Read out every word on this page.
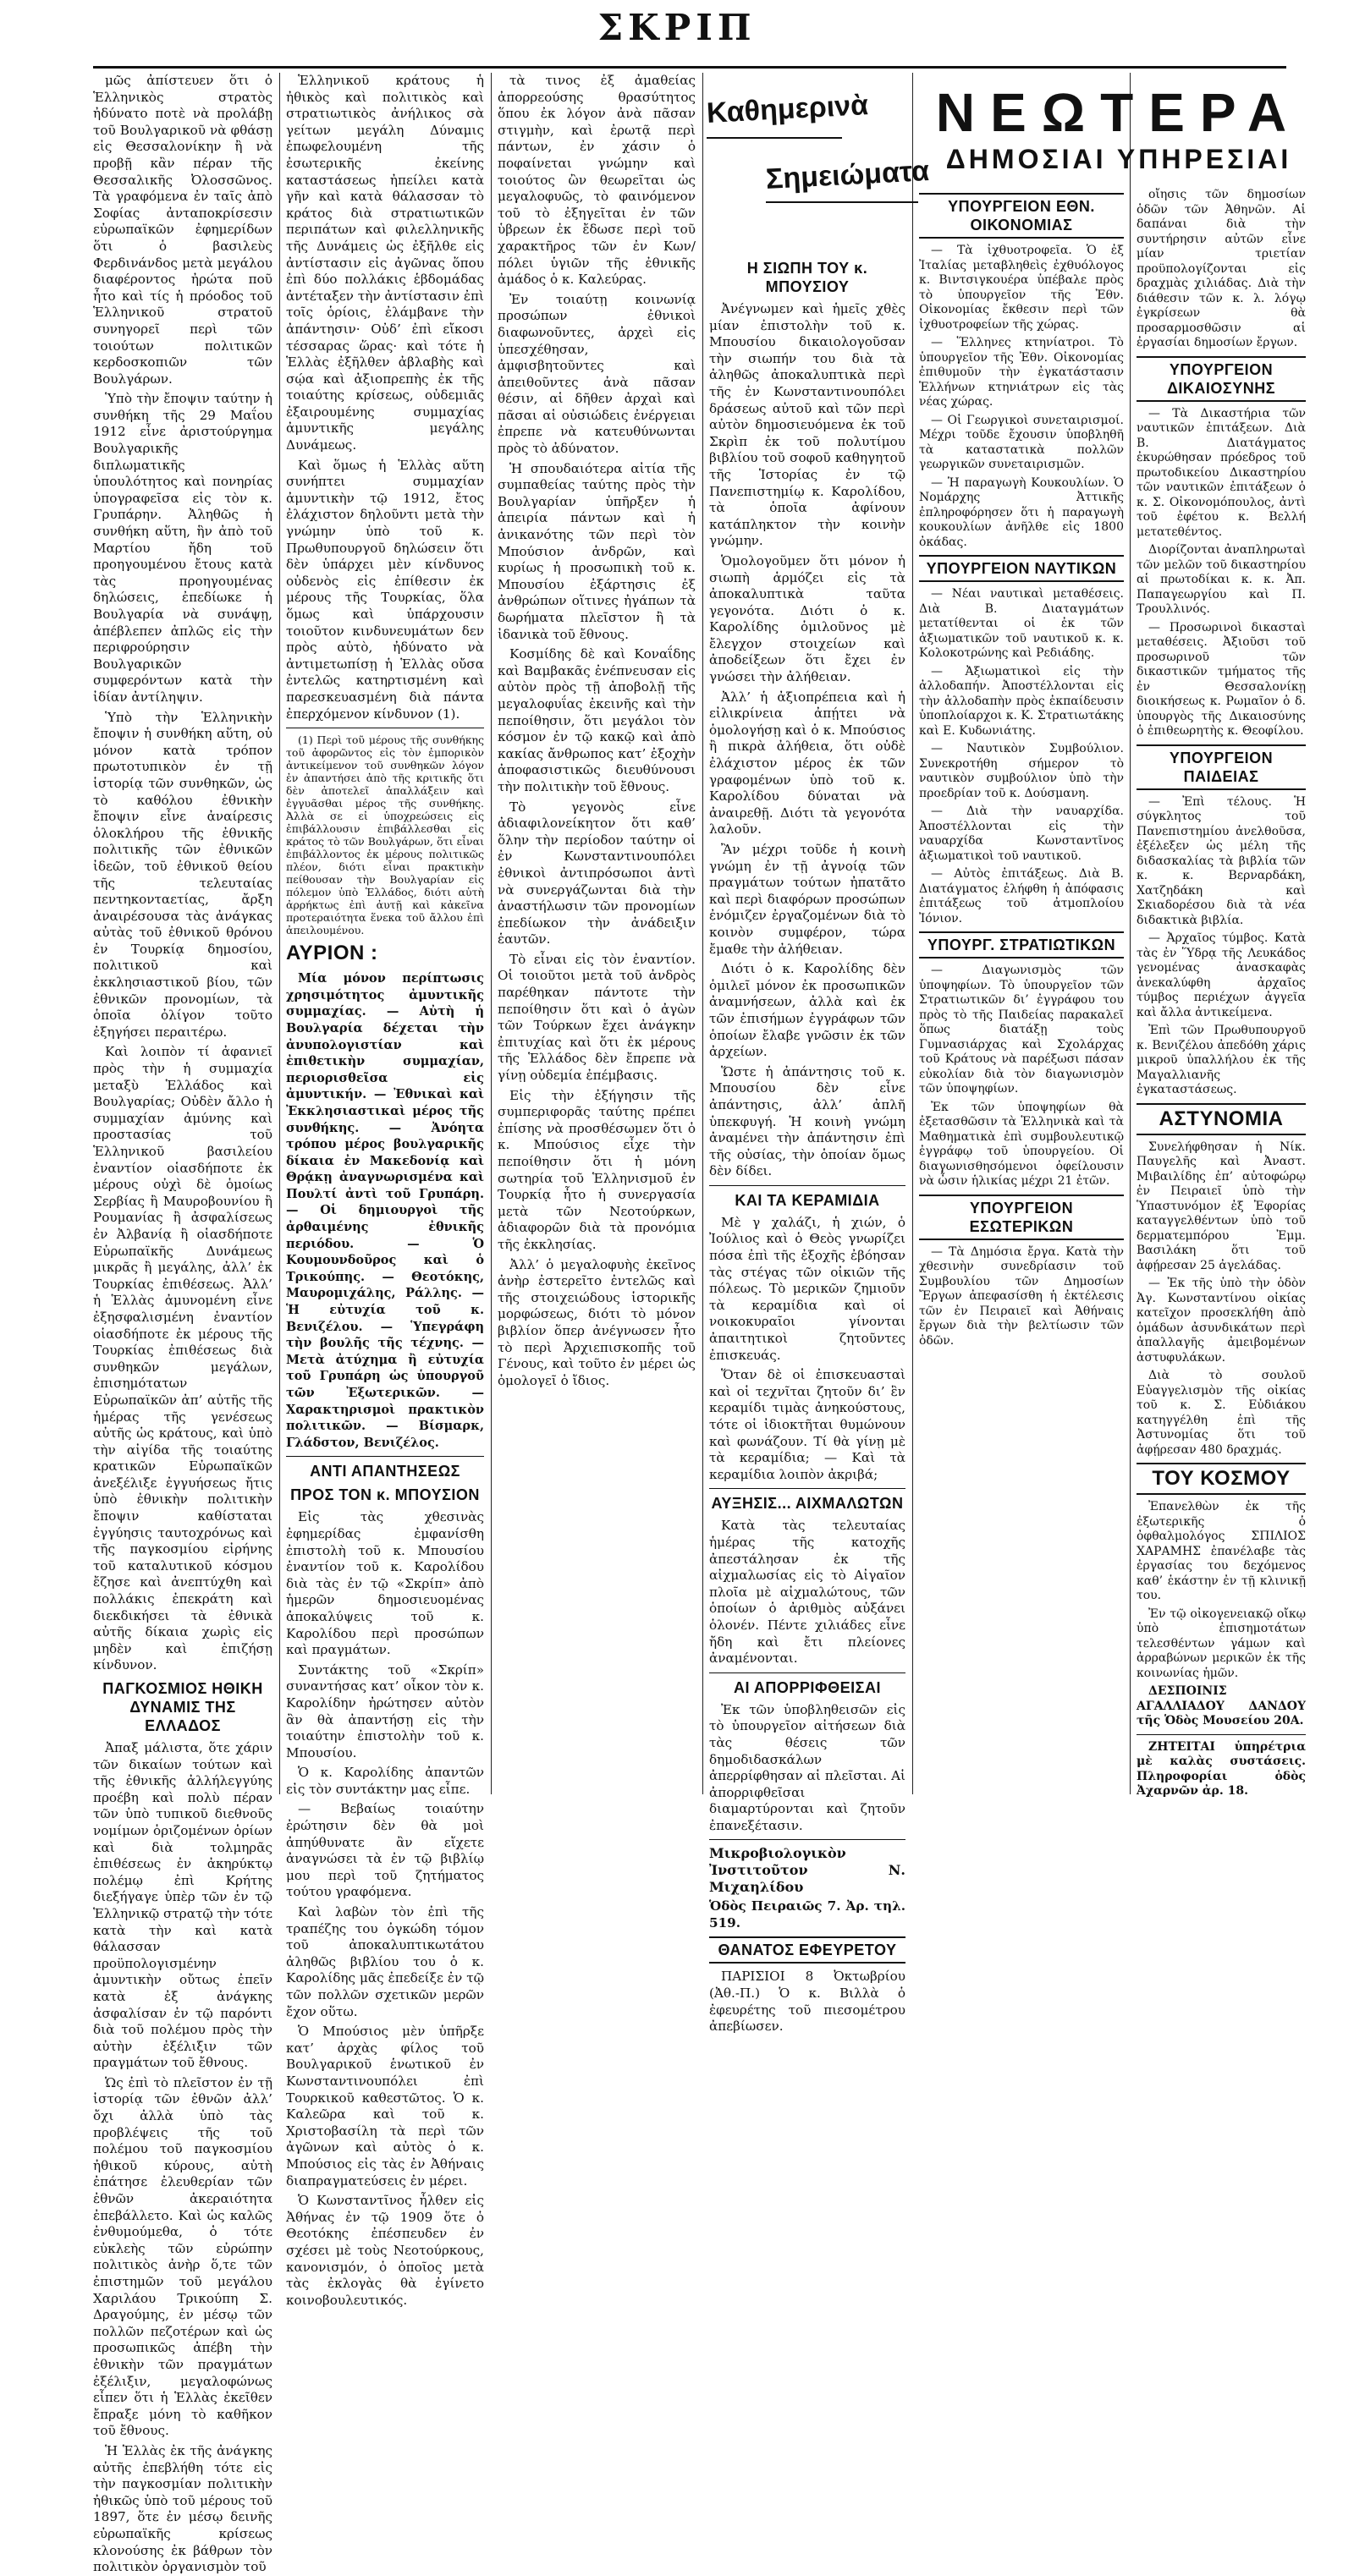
ΣΚΡΙΠ

μῶς ἀπίστευεν ὅτι ὁ Ἑλληνικὸς στρατὸς ἠδύνατο ποτὲ νὰ προλάβῃ τοῦ Βουλγαρικοῦ νὰ φθάσῃ εἰς Θεσσαλονίκην ἢ νὰ προβῇ κἂν πέραν τῆς Θεσσαλικῆς Ὀλοσσῶνος. Τὰ γραφόμενα ἐν ταῖς ἀπὸ Σοφίας ἀνταποκρίσεσιν εὐρωπαϊκῶν ἐφημερίδων ὅτι ὁ βασιλεὺς Φερδινάνδος μετὰ μεγάλου διαφέροντος ἠρώτα ποῦ ἦτο καὶ τίς ἡ πρόοδος τοῦ Ἑλληνικοῦ στρατοῦ συνηγορεῖ περὶ τῶν τοιούτων πολιτικῶν κερδοσκοπιῶν τῶν Βουλγάρων.

Ὑπὸ τὴν ἔποψιν ταύτην ἡ συνθήκη τῆς 29 Μαΐου 1912 εἶνε ἀριστούργημα Βουλγαρικῆς διπλωματικῆς ὑπουλότητος καὶ πονηρίας ὑπογραφεῖσα εἰς τὸν κ. Γρυπάρην. Ἀληθῶς ἡ συνθήκη αὕτη, ἣν ἀπὸ τοῦ Μαρτίου ἤδη τοῦ προηγουμένου ἔτους κατὰ τὰς προηγουμένας δηλώσεις, ἐπεδίωκε ἡ Βουλγαρία νὰ συνάψῃ, ἀπέβλεπεν ἀπλῶς εἰς τὴν περιφρούρησιν Βουλγαρικῶν συμφερόντων κατὰ τὴν ἰδίαν ἀντίληψιν.

Ὑπὸ τὴν Ἑλληνικὴν ἔποψιν ἡ συνθήκη αὕτη, οὐ μόνον κατὰ τρόπον πρωτοτυπικὸν ἐν τῇ ἱστορίᾳ τῶν συνθηκῶν, ὡς τὸ καθόλου ἐθνικὴν ἔποψιν εἶνε ἀναίρεσις ὁλοκλήρου τῆς ἐθνικῆς πολιτικῆς τῶν ἐθνικῶν ἰδεῶν, τοῦ ἐθνικοῦ θείου τῆς τελευταίας πεντηκονταετίας, ἄρξη ἀναιρέσουσα τὰς ἀνάγκας αὐτὰς τοῦ ἐθνικοῦ θρόνου ἐν Τουρκίᾳ δημοσίου, πολιτικοῦ καὶ ἐκκλησιαστικοῦ βίου, τῶν ἐθνικῶν προνομίων, τὰ ὁποῖα ὀλίγον τοῦτο ἐξηγήσει περαιτέρω.

Καὶ λοιπὸν τί ἀφανιεῖ πρὸς τὴν ἡ συμμαχία μεταξὺ Ἑλλάδος καὶ Βουλγαρίας; Οὐδὲν ἄλλο ἡ συμμαχίαν ἀμύνης καὶ προστασίας τοῦ Ἑλληνικοῦ βασιλείου ἐναντίον οἱασδήποτε ἐκ μέρους οὐχὶ δὲ ὁμοίως Σερβίας ἢ Μαυροβουνίου ἢ Ρουμανίας ἢ ἀσφαλίσεως ἐν Ἀλβανίᾳ ἢ οἱασδήποτε Εὐρωπαϊκῆς Δυνάμεως μικρᾶς ἢ μεγάλης, ἀλλ’ ἐκ Τουρκίας ἐπιθέσεως. Ἀλλ’ ἡ Ἑλλὰς ἀμυνομένη εἶνε ἐξησφαλισμένη ἐναντίον οἱασδήποτε ἐκ μέρους τῆς Τουρκίας ἐπιθέσεως διὰ συνθηκῶν μεγάλων, ἐπισημότατων Εὐρωπαϊκῶν ἀπ’ αὐτῆς τῆς ἡμέρας τῆς γενέσεως αὐτῆς ὡς κράτους, καὶ ὑπὸ τὴν αἰγίδα τῆς τοιαύτης κρατικῶν Εὐρωπαϊκῶν ἀνεξέλιξε ἐγγυήσεως ἤτις ὑπὸ ἐθνικὴν πολιτικὴν ἔποψιν καθίσταται ἐγγύησις ταυτοχρόνως καὶ τῆς παγκοσμίου εἰρήνης τοῦ καταλυτικοῦ κόσμου ἔζησε καὶ ἀνεπτύχθη καὶ πολλάκις ἐπεκράτη καὶ διεκδικήσει τὰ ἐθνικὰ αὐτῆς δίκαια χωρὶς εἰς μηδὲν καὶ ἐπιζήσῃ κίνδυνον.

ΠΑΓΚΟΣΜΙΟΣ ΗΘΙΚΗ ΔΥΝΑΜΙΣ ΤΗΣ ΕΛΛΑΔΟΣ

Ἀπαξ μάλιστα, ὅτε χάριν τῶν δικαίων τούτων καὶ τῆς ἐθνικῆς ἀλλήλεγγύης προέβη καὶ πολὺ πέραν τῶν ὑπὸ τυπικοῦ διεθνοῦς νομίμων ὁριζομένων ὁρίων καὶ διὰ τολμηρᾶς ἐπιθέσεως ἐν ἀκηρύκτῳ πολέμῳ ἐπὶ Κρήτης διεξήγαγε ὑπὲρ τῶν ἐν τῷ Ἑλληνικῷ στρατῷ τὴν τότε κατὰ τὴν καὶ κατὰ θάλασσαν προϋπολογισμένην ἀμυντικὴν οὔτως ἐπεῖν κατὰ ἐξ ἀνάγκης ἀσφαλίσαν ἐν τῷ παρόντι διὰ τοῦ πολέμου πρὸς τὴν αὐτὴν ἐξέλιξιν τῶν πραγμάτων τοῦ ἔθνους.

Ὡς ἐπὶ τὸ πλεῖστον ἐν τῇ ἱστορίᾳ τῶν ἐθνῶν ἀλλ’ ὄχι ἀλλὰ ὑπὸ τὰς προβλέψεις τῆς τοῦ πολέμου τοῦ παγκοσμίου ἠθικοῦ κύρους, αὐτὴ ἐπάτησε ἐλευθερίαν τῶν ἐθνῶν ἀκεραιότητα ἐπεβάλλετο. Καὶ ὡς καλῶς ἐνθυμούμεθα, ὁ τότε εὐκλεὴς τῶν εὐρώπην πολιτικὸς ἀνὴρ ὅ,τε τῶν ἐπιστημῶν τοῦ μεγάλου Χαριλάου Τρικούπη Σ. Δραγούμης, ἐν μέσῳ τῶν πολλῶν πεζοτέρων καὶ ὡς προσωπικῶς ἀπέβη τὴν ἐθνικὴν τῶν πραγμάτων ἐξέλιξιν, μεγαλοφώνως εἶπεν ὅτι ἡ Ἑλλὰς ἐκεῖθεν ἔπραξε μόνη τὸ καθῆκον τοῦ ἔθνους.

Ἡ Ἑλλὰς ἐκ τῆς ἀνάγκης αὐτῆς ἐπεβλήθη τότε εἰς τὴν παγκοσμίαν πολιτικὴν ἠθικῶς ὑπὸ τοῦ μέρους τοῦ 1897, ὅτε ἐν μέσῳ δεινῆς εὐρωπαϊκῆς κρίσεως κλονούσης ἐκ βάθρων τὸν πολιτικὸν ὀργανισμὸν τοῦ

Ἑλληνικοῦ κράτους ἡ ἠθικὸς καὶ πολιτικὸς καὶ στρατιωτικὸς ἀνήλικος σὰ γείτων μεγάλη Δύναμις ἐπωφελουμένη τῆς ἐσωτερικῆς ἐκείνης καταστάσεως ἠπείλει κατὰ γῆν καὶ κατὰ θάλασσαν τὸ κράτος διὰ στρατιωτικῶν περιπάτων καὶ φιλελληνικῆς τῆς Δυνάμεις ὡς ἐξῆλθε εἰς ἀντίστασιν εἰς ἀγῶνας ὅπου ἐπὶ δύο πολλάκις ἑβδομάδας ἀντέταξεν τὴν ἀντίστασιν ἐπὶ τοῖς ὁρίοις, ἐλάμβανε τὴν ἀπάντησιν· Οὐδ’ ἐπὶ εἴκοσι τέσσαρας ὥρας· καὶ τότε ἡ Ἑλλὰς ἐξῆλθεν ἀβλαβὴς καὶ σῴα καὶ ἀξιοπρεπὴς ἐκ τῆς τοιαύτης κρίσεως, οὐδεμιᾶς ἐξαιρουμένης συμμαχίας ἀμυντικῆς μεγάλης Δυνάμεως.

Καὶ ὅμως ἡ Ἑλλὰς αὕτη συνήπτει συμμαχίαν ἀμυντικὴν τῷ 1912, ἔτος ἐλάχιστον δηλοῦντι μετὰ τὴν γνώμην ὑπὸ τοῦ κ. Πρωθυπουργοῦ δηλώσειν ὅτι δὲν ὑπάρχει μὲν κίνδυνος οὐδενὸς εἰς ἐπίθεσιν ἐκ μέρους τῆς Τουρκίας, ὅλα ὅμως καὶ ὑπάρχουσιν τοιοῦτον κινδυνευμάτων δεν πρὸς αὐτὸ, ἠδύνατο νὰ ἀντιμετωπίσῃ ἡ Ἑλλὰς οὔσα ἐντελῶς κατηρτισμένη καὶ παρεσκευασμένη διὰ πάντα ἐπερχόμενον κίνδυνον (1).

(1) Περὶ τοῦ μέρους τῆς συνθήκης τοῦ ἀφορῶντος εἰς τὸν ἐμπορικὸν ἀντικείμενον τοῦ συνθηκῶν λόγον ἐν ἀπαντήσει ἀπὸ τῆς κριτικῆς ὅτι δὲν ἀποτελεῖ ἀπαλλάξειν καὶ ἐγγυᾶσθαι μέρος τῆς συνθήκης. Ἀλλὰ σε εἰ ὑποχρεώσεις εἰς ἐπιβάλλουσιν ἐπιβάλλεσθαι εἰς κράτος τὸ τῶν Βουλγάρων, ὅτι εἶναι ἐπιβάλλοντος ἐκ μέρους πολιτικῶς πλέον, διότι εἶναι πρακτικὴν πείθουσαν τὴν Βουλγαρίαν εἰς πόλεμον ὑπὸ Ἑλλάδος, διότι αὐτὴ ἀρρήκτως ἐπὶ ἀυτῇ καὶ κἀκεῖνα προτεραιότητα ἕνεκα τοῦ ἄλλου ἐπὶ ἀπειλουμένου.

ΑΥΡΙΟΝ :

Μία μόνον περίπτωσις χρησιμότητος ἀμυντικῆς συμμαχίας. — Αὐτὴ ἡ Βουλγαρία δέχεται τὴν ἀνυπολογιστίαν καὶ ἐπιθετικὴν συμμαχίαν, περιορισθεῖσα εἰς ἀμυντικήν. — Ἐθνικαὶ καὶ Ἐκκλησιαστικαὶ μέρος τῆς συνθήκης. — Ἀνόητα τρόπου μέρος βουλγαρικῆς δίκαια ἐν Μακεδονίᾳ καὶ Θρᾴκῃ ἀναγνωρισμένα καὶ Πουλτί ἀντὶ τοῦ Γρυπάρη. — Οἱ δημιουργοὶ τῆς ἀρθαιμένης ἐθνικῆς περιόδου. — Ὁ Κουμουνδοῦρος καὶ ὁ Τρικούπης. — Θεοτόκης, Μαυρομιχάλης, Ράλλης. — Ἡ εὐτυχία τοῦ κ. Βενιζέλου. — Ὑπεγράφη τὴν βουλῆς τῆς τέχνης. — Μετὰ ἀτύχημα ἢ εὐτυχία τοῦ Γρυπάρη ὡς ὑπουργοῦ τῶν Ἐξωτερικῶν. — Χαρακτηρισμοὶ πρακτικὸν πολιτικῶν. — Βίσμαρκ, Γλάδστον, Βενιζέλος.

ΑΝΤΙ ΑΠΑΝΤΗΣΕΩΣ
ΠΡΟΣ ΤΟΝ κ. ΜΠΟΥΣΙΟΝ

Εἰς τὰς χθεσινὰς ἐφημερίδας ἐμφανίσθη ἐπιστολὴ τοῦ κ. Μπουσίου ἐναντίον τοῦ κ. Καρολίδου διὰ τὰς ἐν τῷ «Σκρίπ» ἀπὸ ἡμερῶν δημοσιευομένας ἀποκαλύψεις τοῦ κ. Καρολίδου περὶ προσώπων καὶ πραγμάτων.

Συντάκτης τοῦ «Σκρίπ» συναντήσας κατ’ οἶκον τὸν κ. Καρολίδην ἠρώτησεν αὐτὸν ἂν θὰ ἀπαντήσῃ εἰς τὴν τοιαύτην ἐπιστολὴν τοῦ κ. Μπουσίου.

Ὁ κ. Καρολίδης ἀπαντῶν εἰς τὸν συντάκτην μας εἶπε.

— Βεβαίως τοιαύτην ἐρώτησιν δὲν θὰ μοὶ ἀπηύθυνατε ἂν εἴχετε ἀναγνώσει τὰ ἐν τῷ βιβλίῳ μου περὶ τοῦ ζητήματος τούτου γραφόμενα.

Καὶ λαβὼν τὸν ἐπὶ τῆς τραπέζης του ὀγκώδη τόμον τοῦ ἀποκαλυπτικωτάτου ἀληθῶς βιβλίου του ὁ κ. Καρολίδης μᾶς ἐπεδείξε ἐν τῷ τῶν πολλῶν σχετικῶν μερῶν ἔχον οὕτω.

Ὁ Μπούσιος μὲν ὑπῆρξε κατ’ ἀρχὰς φίλος τοῦ Βουλγαρικοῦ ἑνωτικοῦ ἐν Κωνσταντινουπόλει ἐπὶ Τουρκικοῦ καθεστῶτος. Ὁ κ. Καλεῶρα καὶ τοῦ κ. Χριστοβασίλη τὰ περὶ τῶν ἀγῶνων καὶ αὐτὸς ὁ κ. Μπούσιος εἰς τὰς ἐν Ἀθήναις διαπραγματεύσεις ἐν μέρει.

Ὁ Κωνσταντῖνος ἦλθεν εἰς Ἀθήνας ἐν τῷ 1909 ὅτε ὁ Θεοτόκης ἐπέσπευδεν ἐν σχέσει μὲ τοὺς Νεοτούρκους, κανονισμόν, ὁ ὁποῖος μετὰ τὰς ἐκλογὰς θὰ ἐγίνετο κοινοβουλευτικός.

τὰ τινος ἐξ ἀμαθείας ἀπορρεούσης θρασύτητος ὅπου ἐκ λόγον ἀνὰ πᾶσαν στιγμὴν, καὶ ἐρωτᾷ περὶ πάντων, ἐν χάσιν ὁ ποφαίνεται γνώμην καὶ τοιούτος ὢν θεωρεῖται ὡς μεγαλοφυῶς, τὸ φαινόμενον τοῦ τὸ ἐξηγεῖται ἐν τῶν ὑβρεων ἐκ ἔδωσε περὶ τοῦ χαρακτῆρος τῶν ἐν Κων/πόλει ὑγιῶν τῆς ἐθνικῆς ἀμάδος ὁ κ. Καλεύρας.

Ἐν τοιαύτῃ κοινωνίᾳ προσώπων ἐθνικοὶ διαφωνοῦντες, ἀρχεὶ εἰς ὑπεσχέθησαν, ἀμφισβητοῦντες καὶ ἀπειθοῦντες ἀνὰ πᾶσαν θέσιν, αἱ δῆθεν ἀρχαὶ καὶ πᾶσαι αἱ οὐσιώδεις ἐνέργειαι ἐπρεπε νὰ κατευθύνωνται πρὸς τὸ ἀδύνατον.

Ἡ σπουδαιότερα αἰτία τῆς συμπαθείας ταύτης πρὸς τὴν Βουλγαρίαν ὑπῆρξεν ἡ ἀπειρία πάντων καὶ ἡ ἀνικανότης τῶν περὶ τὸν Μπούσιον ἀνδρῶν, καὶ κυρίως ἡ προσωπικὴ τοῦ κ. Μπουσίου ἐξάρτησις ἐξ ἀνθρώπων οἵτινες ἠγάπων τὰ δωρήματα πλεῖστον ἢ τὰ ἰδανικὰ τοῦ ἔθνους.

Κοσμίδης δὲ καὶ Κοναΐδης καὶ Βαμβακᾶς ἐνέπνευσαν εἰς αὐτὸν πρὸς τῇ ἀποβολῇ τῆς μεγαλοφυΐας ἐκεινῆς καὶ τὴν πεποίθησιν, ὅτι μεγάλοι τὸν κόσμον ἐν τῷ κακῷ καὶ ἀπὸ κακίας ἄνθρωπος κατ’ ἐξοχὴν ἀποφασιστικῶς διευθύνουσι τὴν πολιτικὴν τοῦ ἔθνους.

Τὸ γεγονὸς εἶνε ἀδιαφιλονείκητον ὅτι καθ’ ὅλην τὴν περίοδον ταύτην οἱ ἐν Κωνσταντινουπόλει ἐθνικοὶ ἀντιπρόσωποι ἀντὶ νὰ συνεργάζωνται διὰ τὴν ἀναστήλωσιν τῶν προνομίων ἐπεδίωκον τὴν ἀνάδειξιν ἑαυτῶν.

Τὸ εἶναι εἰς τὸν ἐναντίον. Οἱ τοιοῦτοι μετὰ τοῦ ἀνδρὸς παρέθηκαν πάντοτε τὴν πεποίθησιν ὅτι καὶ ὁ ἀγὼν τῶν Τούρκων ἔχει ἀνάγκην ἐπιτυχίας καὶ ὅτι ἐκ μέρους τῆς Ἑλλάδος δὲν ἔπρεπε νὰ γίνῃ οὐδεμία ἐπέμβασις.

Εἰς τὴν ἐξήγησιν τῆς συμπεριφορᾶς ταύτης πρέπει ἐπίσης νὰ προσθέσωμεν ὅτι ὁ κ. Μπούσιος εἶχε τὴν πεποίθησιν ὅτι ἡ μόνη σωτηρία τοῦ Ἑλληνισμοῦ ἐν Τουρκίᾳ ἦτο ἡ συνεργασία μετὰ τῶν Νεοτούρκων, ἀδιαφορῶν διὰ τὰ προνόμια τῆς ἐκκλησίας.

Ἀλλ’ ὁ μεγαλοφυὴς ἐκεῖνος ἀνὴρ ἐστερεῖτο ἐντελῶς καὶ τῆς στοιχειώδους ἱστορικῆς μορφώσεως, διότι τὸ μόνον βιβλίον ὅπερ ἀνέγνωσεν ἦτο τὸ περὶ Ἀρχιεπισκοπῆς τοῦ Γένους, καὶ τοῦτο ἐν μέρει ὡς ὁμολογεῖ ὁ ἴδιος.

Καθημερινὰ
Σημειώματα
Η ΣΙΩΠΗ ΤΟΥ κ. ΜΠΟΥΣΙΟΥ

Ἀνέγνωμεν καὶ ἡμεῖς χθὲς μίαν ἐπιστολὴν τοῦ κ. Μπουσίου δικαιολογοῦσαν τὴν σιωπήν του διὰ τὰ ἀληθῶς ἀποκαλυπτικὰ περὶ τῆς ἐν Κωνσταντινουπόλει δράσεως αὐτοῦ καὶ τῶν περὶ αὐτὸν δημοσιευόμενα ἐκ τοῦ Σκρὶπ ἐκ τοῦ πολυτίμου βιβλίου τοῦ σοφοῦ καθηγητοῦ τῆς Ἱστορίας ἐν τῷ Πανεπιστημίῳ κ. Καρολίδου, τὰ ὁποῖα ἀφίνουν κατάπληκτον τὴν κοινὴν γνώμην.

Ὁμολογοῦμεν ὅτι μόνον ἡ σιωπὴ ἁρμόζει εἰς τὰ ἀποκαλυπτικὰ ταῦτα γεγονότα. Διότι ὁ κ. Καρολίδης ὁμιλοῦνος μὲ ἔλεγχον στοιχείων καὶ ἀποδείξεων ὅτι ἔχει ἐν γνώσει τὴν ἀλήθειαν.

Ἀλλ’ ἡ ἀξιοπρέπεια καὶ ἡ εἰλικρίνεια ἀπῄτει νὰ ὁμολογήσῃ καὶ ὁ κ. Μπούσιος ἢ πικρὰ ἀλήθεια, ὅτι οὐδὲ ἐλάχιστον μέρος ἐκ τῶν γραφομένων ὑπὸ τοῦ κ. Καρολίδου δύναται νὰ ἀναιρεθῇ. Διότι τὰ γεγονότα λαλοῦν.

Ἂν μέχρι τοῦδε ἡ κοινὴ γνώμη ἐν τῇ ἀγνοίᾳ τῶν πραγμάτων τούτων ἠπατᾶτο καὶ περὶ διαφόρων προσώπων ἐνόμιζεν ἐργαζομένων διὰ τὸ κοινὸν συμφέρον, τώρα ἔμαθε τὴν ἀλήθειαν.

Διότι ὁ κ. Καρολίδης δὲν ὁμιλεῖ μόνον ἐκ προσωπικῶν ἀναμνήσεων, ἀλλὰ καὶ ἐκ τῶν ἐπισήμων ἐγγράφων τῶν ὁποίων ἔλαβε γνῶσιν ἐκ τῶν ἀρχείων.

Ὥστε ἡ ἀπάντησις τοῦ κ. Μπουσίου δὲν εἶνε ἀπάντησις, ἀλλ’ ἀπλῆ ὑπεκφυγή. Ἡ κοινὴ γνώμη ἀναμένει τὴν ἀπάντησιν ἐπὶ τῆς οὐσίας, τὴν ὁποίαν ὅμως δὲν δίδει.

ΚΑΙ ΤΑ ΚΕΡΑΜΙΔΙΑ

Μὲ γ χαλάζι, ἡ χιών, ὁ Ἰούλιος καὶ ὁ Θεὸς γνωρίζει πόσα ἐπὶ τῆς ἐξοχῆς ἐβόησαν τὰς στέγας τῶν οἰκιῶν τῆς πόλεως. Τὸ μερικῶν ζημιοῦν τὰ κεραμίδια καὶ οἱ νοικοκυραῖοι γίνονται ἀπαιτητικοὶ ζητοῦντες ἐπισκευάς.

Ὅταν δὲ οἱ ἐπισκευασταὶ καὶ οἱ τεχνῖται ζητοῦν δι’ ἓν κεραμίδι τιμὰς ἀνηκούστους, τότε οἱ ἰδιοκτῆται θυμώνουν καὶ φωνάζουν. Τί θὰ γίνῃ μὲ τὰ κεραμίδια; — Καὶ τὰ κεραμίδια λοιπὸν ἀκριβά;

ΑΥΞΗΣΙΣ... ΑΙΧΜΑΛΩΤΩΝ

Κατὰ τὰς τελευταίας ἡμέρας τῆς κατοχῆς ἀπεστάλησαν ἐκ τῆς αἰχμαλωσίας εἰς τὸ Αἰγαῖον πλοῖα μὲ αἰχμαλώτους, τῶν ὁποίων ὁ ἀριθμὸς αὐξάνει ὁλονέν. Πέντε χιλιάδες εἶνε ἤδη καὶ ἔτι πλείονες ἀναμένονται.

ΑΙ ΑΠΟΡΡΙΦΘΕΙΣΑΙ

Ἐκ τῶν ὑποβληθεισῶν εἰς τὸ ὑπουργεῖον αἰτήσεων διὰ τὰς θέσεις τῶν δημοδιδασκάλων ἀπερρίφθησαν αἱ πλεῖσται. Αἱ ἀπορριφθεῖσαι διαμαρτύρονται καὶ ζητοῦν ἐπανεξέτασιν.

Μικροβιολογικὸν Ἰνστιτοῦτον Ν. Μιχαηλίδου

Ὁδὸς Πειραιῶς 7. Ἀρ. τηλ. 519.

ΘΑΝΑΤΟΣ ΕΦΕΥΡΕΤΟΥ

ΠΑΡΙΣΙΟΙ 8 Ὀκτωβρίου (Ἀθ.-Π.) Ὁ κ. Βιλλὰ ὁ ἐφευρέτης τοῦ πιεσομέτρου ἀπεβίωσεν.

ΝΕΩΤΕΡΑ
ΔΗΜΟΣΙΑΙ ΥΠΗΡΕΣΙΑΙ
ΥΠΟΥΡΓΕΙΟΝ ΕΘΝ. ΟΙΚΟΝΟΜΙΑΣ

— Τὰ ἰχθυοτροφεῖα. Ὁ ἐξ Ἰταλίας μεταβληθεὶς ἐχθυόλογος κ. Βιντσιγκουέρα ὑπέβαλε πρὸς τὸ ὑπουργεῖον τῆς Ἐθν. Οἰκονομίας ἔκθεσιν περὶ τῶν ἰχθυοτροφείων τῆς χώρας.

— Ἕλληνες κτηνίατροι. Τὸ ὑπουργεῖον τῆς Ἐθν. Οἰκονομίας ἐπιθυμοῦν τὴν ἐγκατάστασιν Ἑλλήνων κτηνιάτρων εἰς τὰς νέας χώρας.

— Οἱ Γεωργικοὶ συνεταιρισμοί. Μέχρι τοῦδε ἔχουσιν ὑποβληθῆ τὰ καταστατικὰ πολλῶν γεωργικῶν συνεταιρισμῶν.

— Ἡ παραγωγὴ Κουκουλίων. Ὁ Νομάρχης Ἀττικῆς ἐπληροφόρησεν ὅτι ἡ παραγωγὴ κουκουλίων ἀνῆλθε εἰς 1800 ὀκάδας.

ΥΠΟΥΡΓΕΙΟΝ ΝΑΥΤΙΚΩΝ

— Νέαι ναυτικαὶ μεταθέσεις. Διὰ Β. Διαταγμάτων μετατίθενται οἱ ἐκ τῶν ἀξιωματικῶν τοῦ ναυτικοῦ κ. κ. Κολοκοτρώνης καὶ Ρεδιάδης.

— Ἀξιωματικοὶ εἰς τὴν ἀλλοδαπήν. Ἀποστέλλονται εἰς τὴν ἀλλοδαπὴν πρὸς ἐκπαίδευσιν ὑποπλοίαρχοι κ. Κ. Στρατιωτάκης καὶ Ε. Κυδωνιάτης.

— Ναυτικὸν Συμβούλιον. Συνεκροτήθη σήμερον τὸ ναυτικὸν συμβούλιον ὑπὸ τὴν προεδρίαν τοῦ κ. Δούσμανη.

— Διὰ τὴν ναυαρχίδα. Ἀποστέλλονται εἰς τὴν ναυαρχίδα Κωνσταντῖνος ἀξιωματικοὶ τοῦ ναυτικοῦ.

— Αὐτὸς ἐπιτάξεως. Διὰ Β. Διατάγματος ἐλήφθη ἡ ἀπόφασις ἐπιτάξεως τοῦ ἀτμοπλοίου Ἰόνιον.

ΥΠΟΥΡΓ. ΣΤΡΑΤΙΩΤΙΚΩΝ

— Διαγωνισμὸς τῶν ὑποψηφίων. Τὸ ὑπουργεῖον τῶν Στρατιωτικῶν δι’ ἐγγράφου του πρὸς τὸ τῆς Παιδείας παρακαλεῖ ὅπως διατάξῃ τοὺς Γυμνασιάρχας καὶ Σχολάρχας τοῦ Κράτους νὰ παρέξωσι πάσαν εὐκολίαν διὰ τὸν διαγωνισμὸν τῶν ὑποψηφίων.

Ἐκ τῶν ὑποψηφίων θὰ ἐξετασθῶσιν τὰ Ἑλληνικὰ καὶ τὰ Μαθηματικὰ ἐπὶ συμβουλευτικῷ ἐγγράφῳ τοῦ ὑπουργείου. Οἱ διαγωνισθησόμενοι ὀφείλουσιν νὰ ὦσιν ἡλικίας μέχρι 21 ἐτῶν.

ΥΠΟΥΡΓΕΙΟΝ ΕΣΩΤΕΡΙΚΩΝ

— Τὰ Δημόσια ἔργα. Κατὰ τὴν χθεσινὴν συνεδρίασιν τοῦ Συμβουλίου τῶν Δημοσίων Ἔργων ἀπεφασίσθη ἡ ἐκτέλεσις τῶν ἐν Πειραιεῖ καὶ Ἀθήναις ἔργων διὰ τὴν βελτίωσιν τῶν ὁδῶν.

οἴησις τῶν δημοσίων ὁδῶν τῶν Ἀθηνῶν. Αἱ δαπάναι διὰ τὴν συντήρησιν αὐτῶν εἶνε μίαν τριετίαν προϋπολογίζονται εἰς δραχμὰς χιλιάδας. Διὰ τὴν διάθεσιν τῶν κ. λ. λόγῳ ἐγκρίσεων θὰ προσαρμοσθῶσιν αἱ ἐργασίαι δημοσίων ἔργων.

ΥΠΟΥΡΓΕΙΟΝ ΔΙΚΑΙΟΣΥΝΗΣ

— Τὰ Δικαστήρια τῶν ναυτικῶν ἐπιτάξεων. Διὰ Β. Διατάγματος ἐκυρώθησαν πρόεδρος τοῦ πρωτοδικείου Δικαστηρίου τῶν ναυτικῶν ἐπιτάξεων ὁ κ. Σ. Οἰκονομόπουλος, ἀντὶ τοῦ ἐφέτου κ. Βελλή μετατεθέντος.

Διορίζονται ἀναπληρωταὶ τῶν μελῶν τοῦ δικαστηρίου αἱ πρωτοδίκαι κ. κ. Ἀπ. Παπαγεωργίου καὶ Π. Τρουλλινός.

— Προσωρινοὶ δικασταὶ μεταθέσεις. Ἀξιοῦσι τοῦ προσωρινοῦ τῶν δικαστικῶν τμήματος τῆς ἐν Θεσσαλονίκῃ διοικήσεως κ. Ρωμαῖον ὁ δ. ὑπουργὸς τῆς Δικαιοσύνης ὁ ἐπιθεωρητὴς κ. Θεοφίλου.

ΥΠΟΥΡΓΕΙΟΝ ΠΑΙΔΕΙΑΣ

— Ἐπὶ τέλους. Ἡ σύγκλητος τοῦ Πανεπιστημίου ἀνελθοῦσα, ἐξέλεξεν ὡς μέλη τῆς διδασκαλίας τὰ βιβλία τῶν κ. κ. Βερναρδάκη, Χατζηδάκη καὶ Σκιαδορέσου διὰ τὰ νέα διδακτικὰ βιβλία.

— Ἀρχαῖος τύμβος. Κατὰ τὰς ἐν Ὕδρᾳ τῆς Λευκάδος γενομένας ἀνασκαφὰς ἀνεκαλύφθη ἀρχαῖος τύμβος περιέχων ἀγγεῖα καὶ ἄλλα ἀντικείμενα.

Ἐπὶ τῶν Πρωθυπουργοῦ κ. Βενιζέλου ἀπεδόθη χάρις μικροῦ ὑπαλλήλου ἐκ τῆς Μαγαλλιανῆς ἐγκαταστάσεως.

ΑΣΤΥΝΟΜΙΑ

Συνελήφθησαν ἡ Νίκ. Παυγελῆς καὶ Ἀναστ. Μιβαιλίδης ἐπ’ αὐτοφώρῳ ἐν Πειραιεῖ ὑπὸ τὴν Ὑπαστυνόμον ἐξ Ἐφορίας καταγγελθέντων ὑπὸ τοῦ δερματεμπόρου Ἐμμ. Βασιλάκη ὅτι τοῦ ἀφῄρεσαν 25 ἀγελάδας.

— Ἐκ τῆς ὑπὸ τὴν ὁδὸν Ἀγ. Κωνσταντίνου οἰκίας κατεῖχον προσεκλήθη ἀπὸ ὁμάδων ἀσυνδικάτων περὶ ἀπαλλαγῆς ἀμειβομένων ἀστυφυλάκων.

Διὰ τὸ σουλοῦ Εὐαγγελισμὸν τῆς οἰκίας τοῦ κ. Σ. Εὐδιάκου κατηγγέλθη ἐπὶ τῆς Ἀστυνομίας ὅτι τοῦ ἀφῄρεσαν 480 δραχμάς.

ΤΟΥ ΚΟΣΜΟΥ

Ἐπανελθὼν ἐκ τῆς ἐξωτερικῆς ὁ ὀφθαλμολόγος ΣΠΙΛΙΟΣ ΧΑΡΑΜΗΣ ἐπανέλαβε τὰς ἐργασίας του δεχόμενος καθ’ ἑκάστην ἐν τῇ κλινικῇ του.

Ἐν τῷ οἰκογενειακῷ οἴκῳ ὑπὸ ἐπισημοτάτων τελεσθέντων γάμων καὶ ἀρραβώνων μερικῶν ἐκ τῆς κοινωνίας ἡμῶν.

ΔΕΣΠΟΙΝΙΣ ΑΓΑΛΛΙΑΔΟΥ ΔΑΝΔΟΥ τῆς Ὁδὸς Μουσείου 20Α.

ΖΗΤΕΙΤΑΙ ὑπηρέτρια μὲ καλὰς συστάσεις. Πληροφορίαι ὁδὸς Ἀχαρνῶν ἀρ. 18.
